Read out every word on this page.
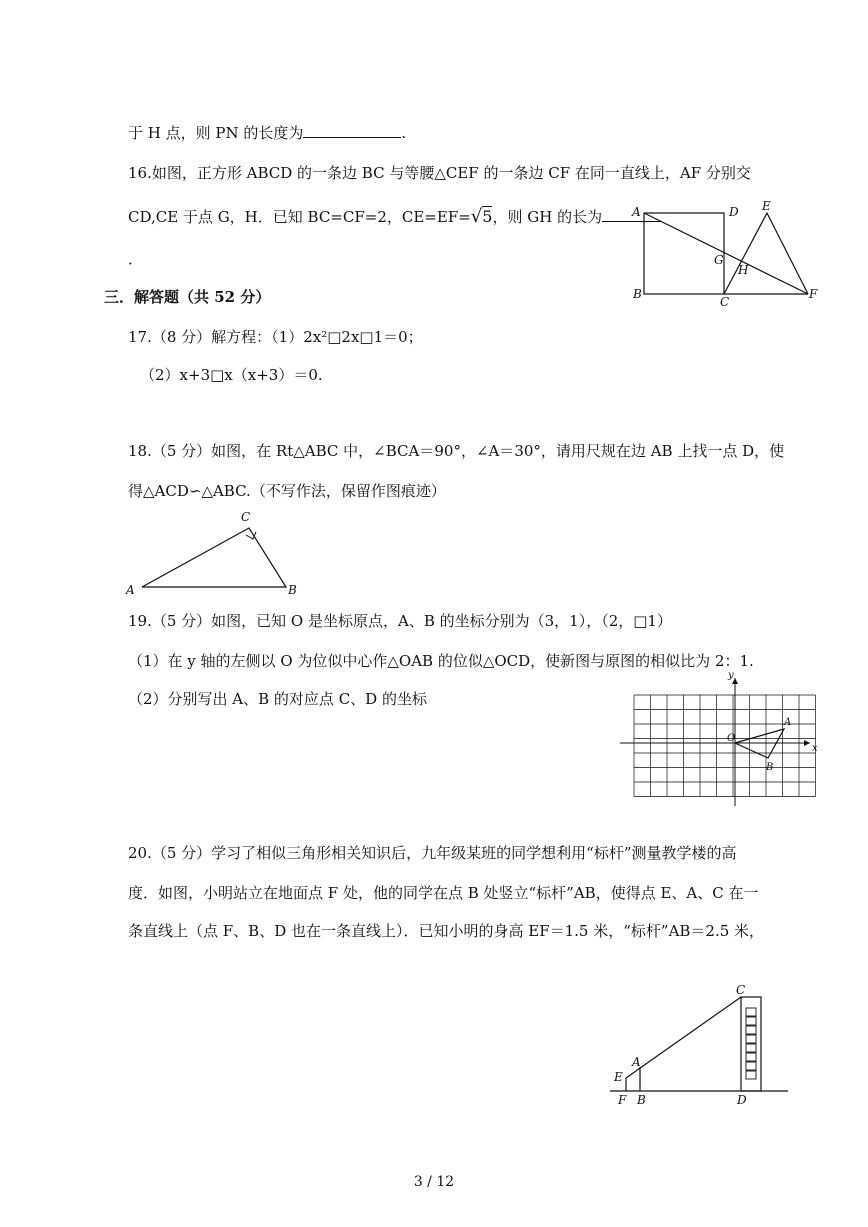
于 H 点，则 PN 的长度为	.
16.如图，正方形 ABCD 的一条边 BC 与等腰△CEF 的一条边 CF 在同一直线上，AF 分别交
CD,CE 于点 G，H．已知 BC=CF=2，CE=EF=√5，则 GH 的长为
．
A	D E
G
H
B
C
F
三．解答题（共 52 分）
17.（8 分）解方程：（1）2x²□2x□1＝0；
（2）x+3□x（x+3）＝0.
18.（5 分）如图，在 Rt△ABC 中，∠BCA＝90°，∠A＝30°，请用尺规在边 AB 上找一点 D，使
得△ACD∽△ABC.（不写作法，保留作图痕迹）
C
A	B
19.（5 分）如图，已知 O 是坐标原点，A、B 的坐标分别为（3，1），（2，□1）
（1）在 y 轴的左侧以 O 为位似中心作△OAB 的位似△OCD，使新图与原图的相似比为 2：1.
（2）分别写出 A、B 的对应点 C、D 的坐标
x
y
O
A
B
20.（5 分）学习了相似三角形相关知识后，九年级某班的同学想利用“标杆”测量教学楼的高
度．如图，小明站立在地面点 F 处，他的同学在点 B 处竖立“标杆”AB，使得点 E、A、C 在一
条直线上（点 F、B、D 也在一条直线上）．已知小明的身高 EF＝1.5 米，“标杆”AB＝2.5 米，
C
A
E
F B	D
3 / 12
